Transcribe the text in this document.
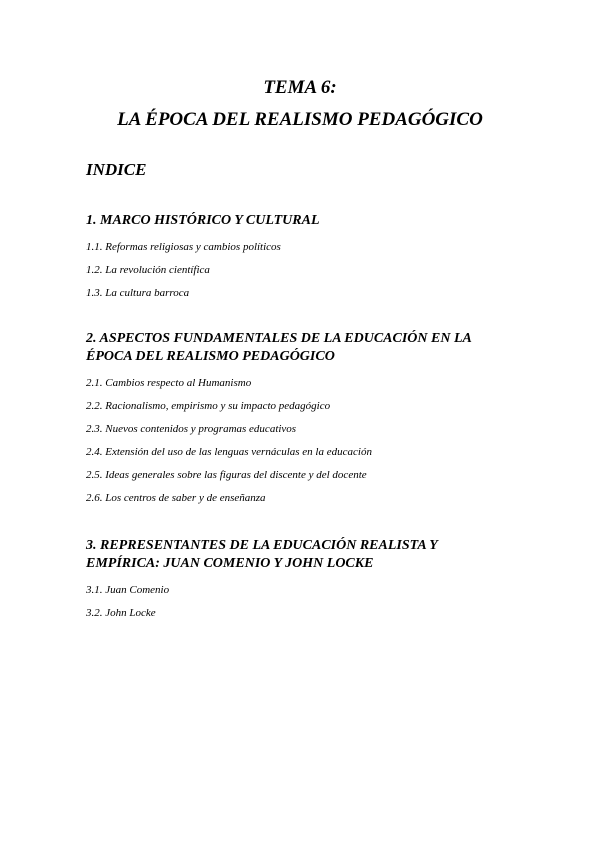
TEMA 6:
LA ÉPOCA DEL REALISMO PEDAGÓGICO
INDICE

1. MARCO HISTÓRICO Y CULTURAL

1.1. Reformas religiosas y cambios políticos

1.2. La revolución científica

1.3. La cultura barroca

2. ASPECTOS FUNDAMENTALES DE LA EDUCACIÓN EN LA
ÉPOCA DEL REALISMO PEDAGÓGICO

2.1. Cambios respecto al Humanismo

2.2. Racionalismo, empirismo y su impacto pedagógico

2.3. Nuevos contenidos y programas educativos

2.4. Extensión del uso de las lenguas vernáculas en la educación

2.5. Ideas generales sobre las figuras del discente y del docente

2.6. Los centros de saber y de enseñanza

3. REPRESENTANTES DE LA EDUCACIÓN REALISTA Y
EMPÍRICA: JUAN COMENIO Y JOHN LOCKE

3.1. Juan Comenio

3.2. John Locke
